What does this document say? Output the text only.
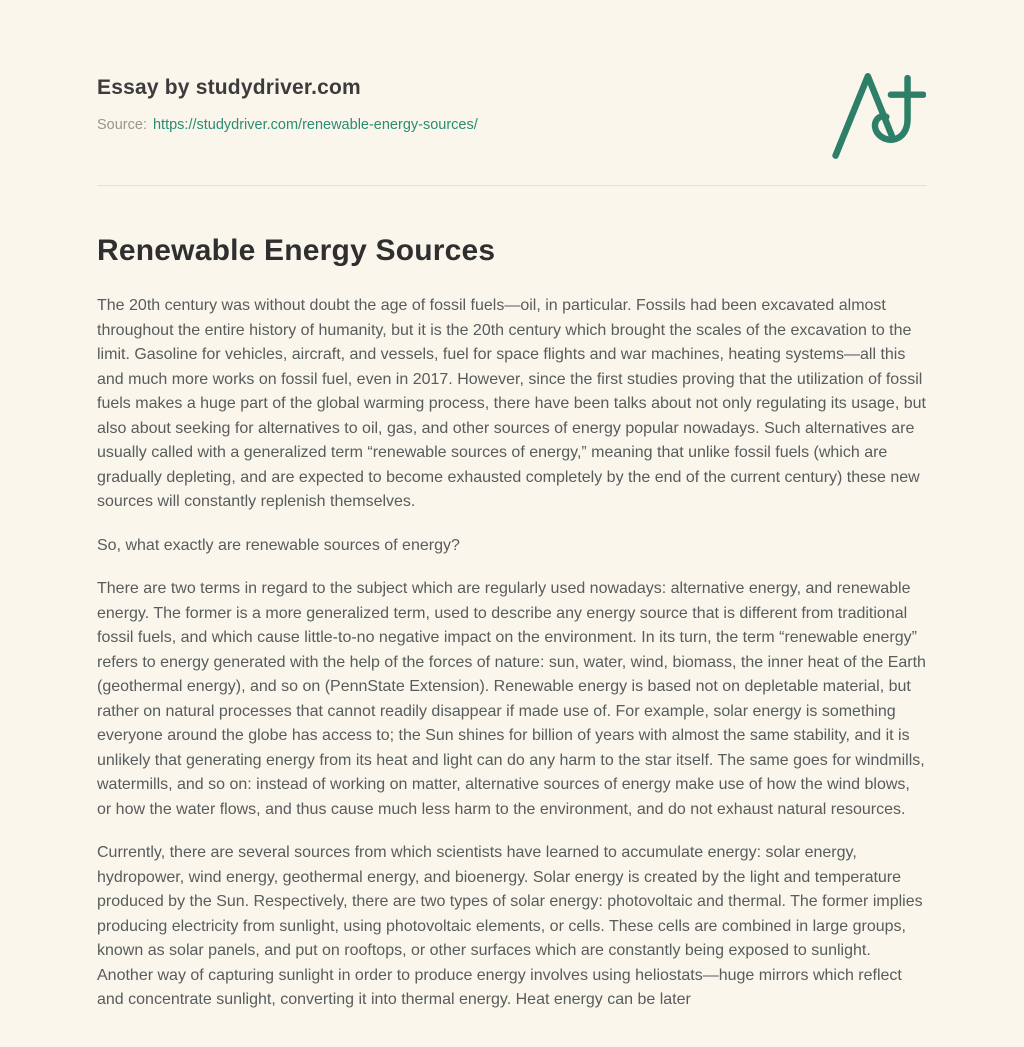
Essay by studydriver.com
Source: https://studydriver.com/renewable-energy-sources/
Renewable Energy Sources

The 20th century was without doubt the age of fossil fuels—oil, in particular. Fossils had been excavated almost throughout the entire history of humanity, but it is the 20th century which brought the scales of the excavation to the limit. Gasoline for vehicles, aircraft, and vessels, fuel for space flights and war machines, heating systems—all this and much more works on fossil fuel, even in 2017. However, since the first studies proving that the utilization of fossil fuels makes a huge part of the global warming process, there have been talks about not only regulating its usage, but also about seeking for alternatives to oil, gas, and other sources of energy popular nowadays. Such alternatives are usually called with a generalized term “renewable sources of energy,” meaning that unlike fossil fuels (which are gradually depleting, and are expected to become exhausted completely by the end of the current century) these new sources will constantly replenish themselves.

So, what exactly are renewable sources of energy?

There are two terms in regard to the subject which are regularly used nowadays: alternative energy, and renewable energy. The former is a more generalized term, used to describe any energy source that is different from traditional fossil fuels, and which cause little-to-no negative impact on the environment. In its turn, the term “renewable energy” refers to energy generated with the help of the forces of nature: sun, water, wind, biomass, the inner heat of the Earth (geothermal energy), and so on (PennState Extension). Renewable energy is based not on depletable material, but rather on natural processes that cannot readily disappear if made use of. For example, solar energy is something everyone around the globe has access to; the Sun shines for billion of years with almost the same stability, and it is unlikely that generating energy from its heat and light can do any harm to the star itself. The same goes for windmills, watermills, and so on: instead of working on matter, alternative sources of energy make use of how the wind blows, or how the water flows, and thus cause much less harm to the environment, and do not exhaust natural resources.

Currently, there are several sources from which scientists have learned to accumulate energy: solar energy, hydropower, wind energy, geothermal energy, and bioenergy. Solar energy is created by the light and temperature produced by the Sun. Respectively, there are two types of solar energy: photovoltaic and thermal. The former implies producing electricity from sunlight, using photovoltaic elements, or cells. These cells are combined in large groups, known as solar panels, and put on rooftops, or other surfaces which are constantly being exposed to sunlight. Another way of capturing sunlight in order to produce energy involves using heliostats—huge mirrors which reflect and concentrate sunlight, converting it into thermal energy. Heat energy can be later
